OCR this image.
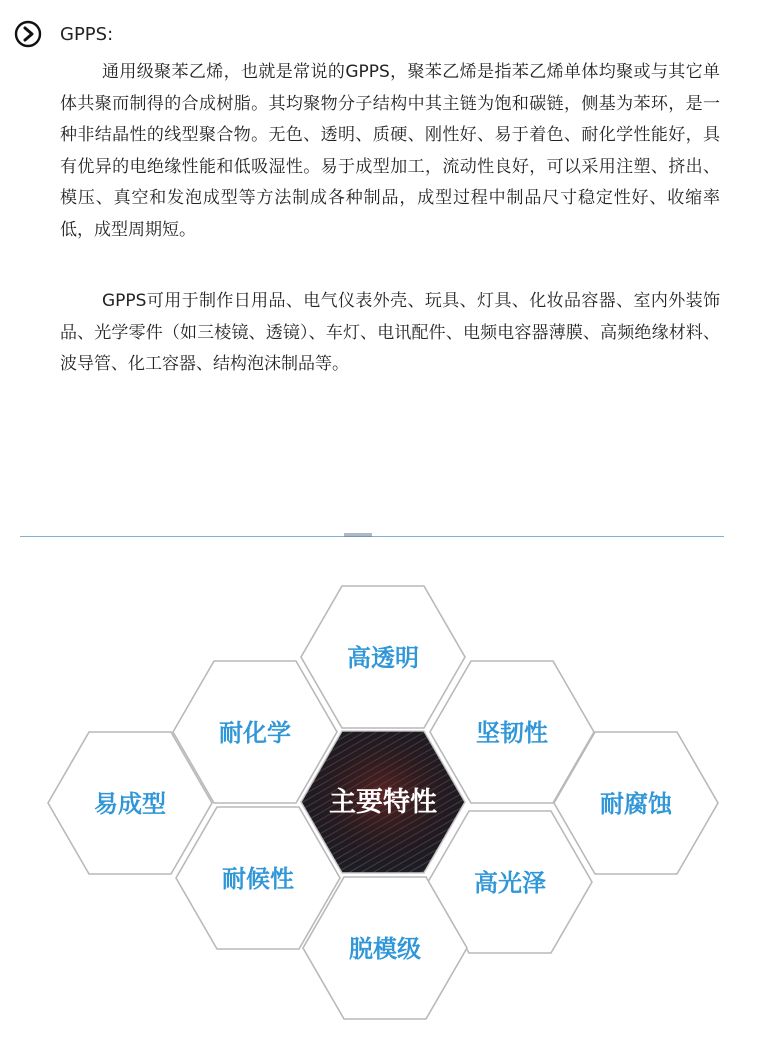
GPPS:

通用级聚苯乙烯，也就是常说的GPPS，聚苯乙烯是指苯乙烯单体均聚或与其它单体共聚而制得的合成树脂。其均聚物分子结构中其主链为饱和碳链，侧基为苯环，是一种非结晶性的线型聚合物。无色、透明、质硬、刚性好、易于着色、耐化学性能好，具有优异的电绝缘性能和低吸湿性。易于成型加工，流动性良好，可以采用注塑、挤出、模压、真空和发泡成型等方法制成各种制品，成型过程中制品尺寸稳定性好、收缩率低，成型周期短。

GPPS可用于制作日用品、电气仪表外壳、玩具、灯具、化妆品容器、室内外装饰品、光学零件（如三棱镜、透镜）、车灯、电讯配件、电频电容器薄膜、高频绝缘材料、波导管、化工容器、结构泡沫制品等。

高透明
耐化学	坚韧性
易成型	耐腐蚀
耐候性	高光泽
脱模级
主要特性
